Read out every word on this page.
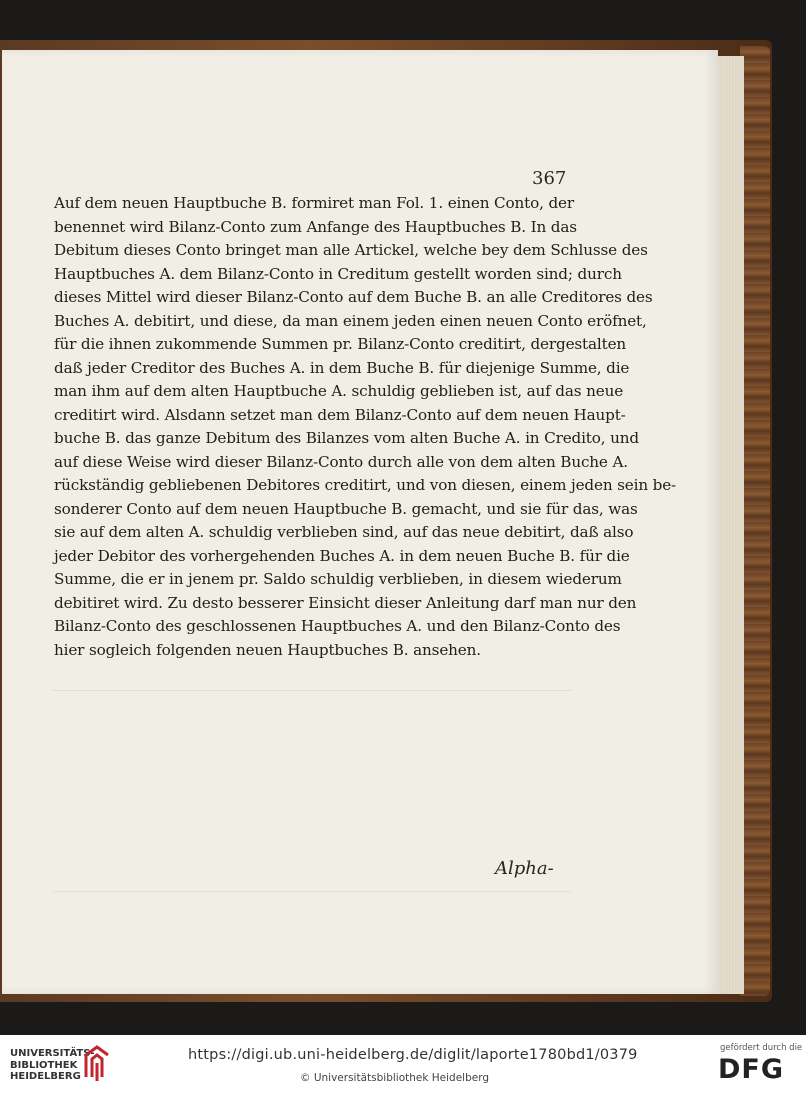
367
Auf dem neuen Hauptbuche B. formiret man Fol. 1. einen Conto, der
benennet wird Bilanz-Conto zum Anfange des Hauptbuches B. In das
Debitum dieses Conto bringet man alle Artickel, welche bey dem Schlusse des
Hauptbuches A. dem Bilanz-Conto in Creditum gestellt worden sind; durch
dieses Mittel wird dieser Bilanz-Conto auf dem Buche B. an alle Creditores des
Buches A. debitirt, und diese, da man einem jeden einen neuen Conto eröfnet,
für die ihnen zukommende Summen pr. Bilanz-Conto creditirt, dergestalten
daß jeder Creditor des Buches A. in dem Buche B. für diejenige Summe, die
man ihm auf dem alten Hauptbuche A. schuldig geblieben ist, auf das neue
creditirt wird. Alsdann setzet man dem Bilanz-Conto auf dem neuen Haupt-
buche B. das ganze Debitum des Bilanzes vom alten Buche A. in Credito, und
auf diese Weise wird dieser Bilanz-Conto durch alle von dem alten Buche A.
rückständig gebliebenen Debitores creditirt, und von diesen, einem jeden sein be-
sonderer Conto auf dem neuen Hauptbuche B. gemacht, und sie für das, was
sie auf dem alten A. schuldig verblieben sind, auf das neue debitirt, daß also
jeder Debitor des vorhergehenden Buches A. in dem neuen Buche B. für die
Summe, die er in jenem pr. Saldo schuldig verblieben, in diesem wiederum
debitiret wird. Zu desto besserer Einsicht dieser Anleitung darf man nur den
Bilanz-Conto des geschlossenen Hauptbuches A. und den Bilanz-Conto des
hier sogleich folgenden neuen Hauptbuches B. ansehen.
Alpha-
UNIVERSITÄTS-
BIBLIOTHEK
HEIDELBERG
https://digi.ub.uni-heidelberg.de/diglit/laporte1780bd1/0379
© Universitätsbibliothek Heidelberg
gefördert durch die
DFG
